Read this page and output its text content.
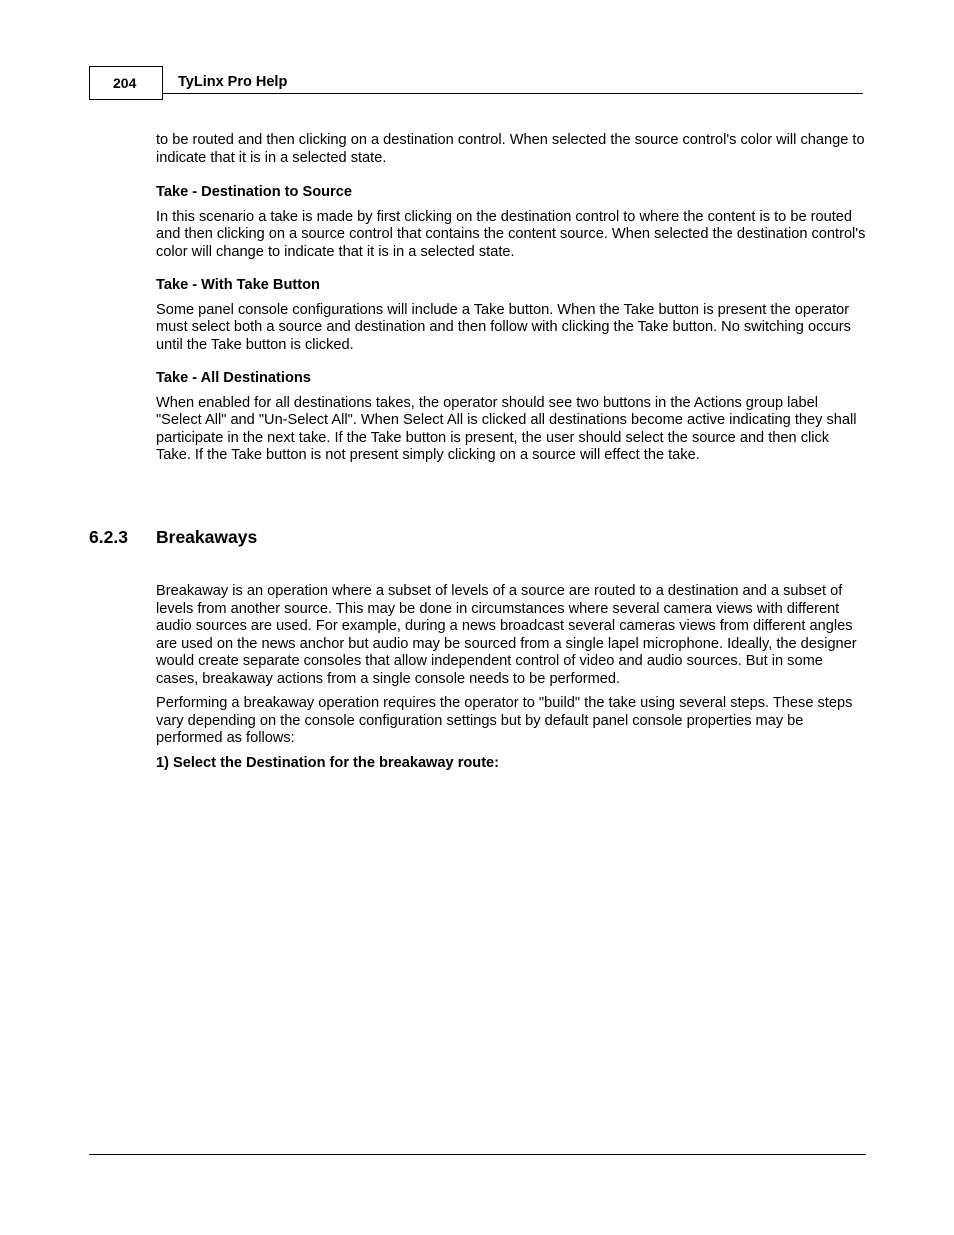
204	TyLinx Pro Help

to be routed and then clicking on a destination control. When selected the source control's color will change to indicate that it is in a selected state.

Take - Destination to Source

In this scenario a take is made by first clicking on the destination control to where the content is to be routed and then clicking on a source control that contains the content source. When selected the destination control's color will change to indicate that it is in a selected state.

Take - With Take Button

Some panel console configurations will include a Take button. When the Take button is present the operator must select both a source and destination and then follow with clicking the Take button. No switching occurs until the Take button is clicked.

Take - All Destinations

When enabled for all destinations takes, the operator should see two buttons in the Actions group label "Select All" and "Un-Select All". When Select All is clicked all destinations become active indicating they shall participate in the next take. If the Take button is present, the user should select the source and then click Take. If the Take button is not present simply clicking on a source will effect the take.

6.2.3 Breakaways

Breakaway is an operation where a subset of levels of a source are routed to a destination and a subset of levels from another source. This may be done in circumstances where several camera views with different audio sources are used. For example, during a news broadcast several cameras views from different angles are used on the news anchor but audio may be sourced from a single lapel microphone. Ideally, the designer would create separate consoles that allow independent control of video and audio sources. But in some cases, breakaway actions from a single console needs to be performed.

Performing a breakaway operation requires the operator to "build" the take using several steps. These steps vary depending on the console configuration settings but by default panel console properties may be performed as follows:

1) Select the Destination for the breakaway route:
